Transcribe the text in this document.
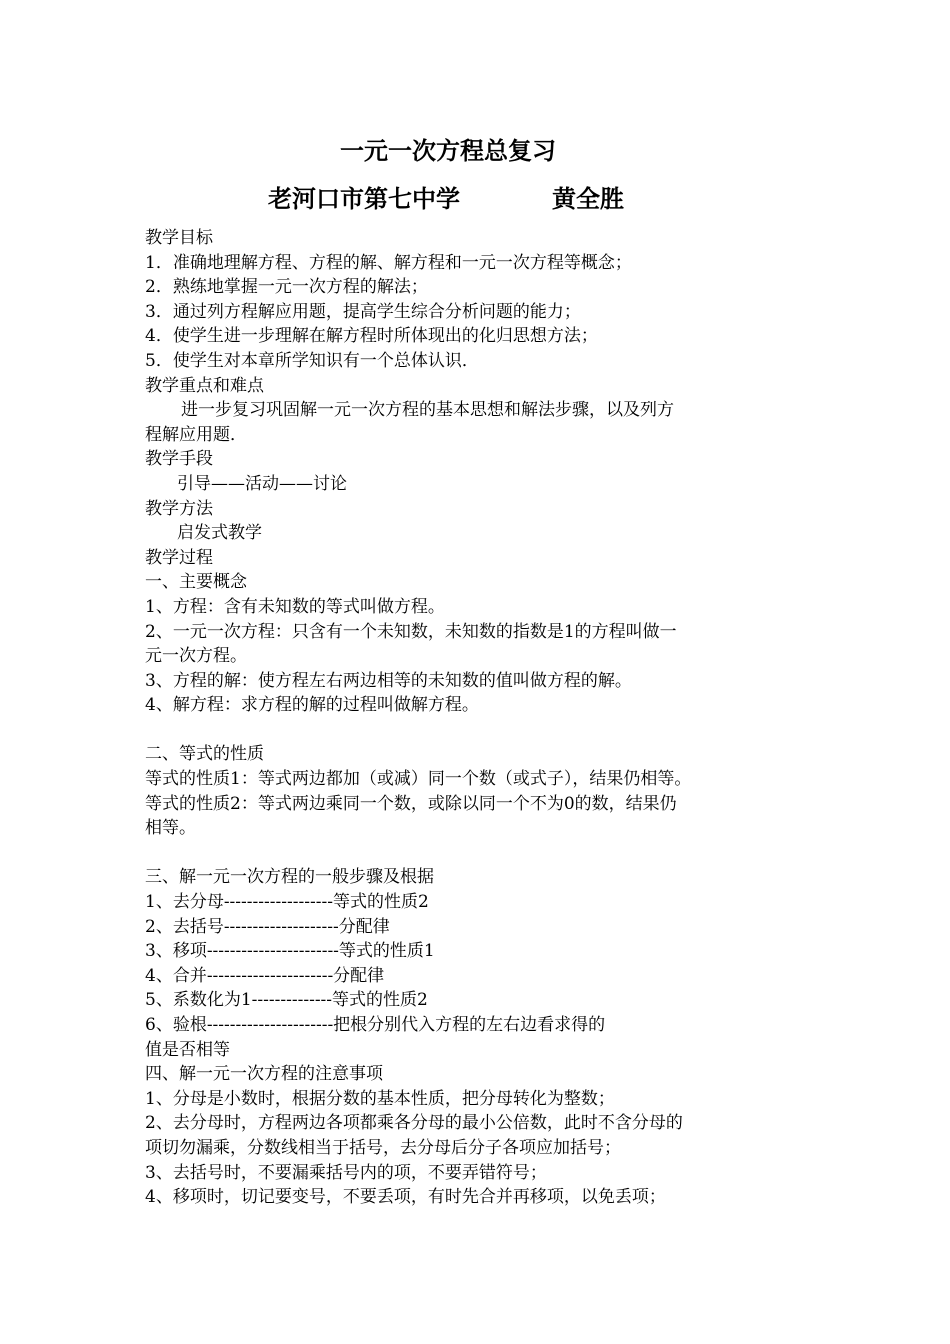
一元一次方程总复习
老河口市第七中学	黄全胜

教学目标

1．准确地理解方程、方程的解、解方程和一元一次方程等概念；

2．熟练地掌握一元一次方程的解法；

3．通过列方程解应用题，提高学生综合分析问题的能力；

4．使学生进一步理解在解方程时所体现出的化归思想方法；

5．使学生对本章所学知识有一个总体认识．

教学重点和难点

进一步复习巩固解一元一次方程的基本思想和解法步骤，以及列方

程解应用题．

教学手段

引导——活动——讨论

教学方法

启发式教学

教学过程

一、主要概念

1、方程：含有未知数的等式叫做方程。

2、一元一次方程：只含有一个未知数，未知数的指数是1的方程叫做一

元一次方程。

3、方程的解：使方程左右两边相等的未知数的值叫做方程的解。

4、解方程：求方程的解的过程叫做解方程。

二、等式的性质

等式的性质1：等式两边都加（或减）同一个数（或式子），结果仍相等。

等式的性质2：等式两边乘同一个数，或除以同一个不为0的数，结果仍

相等。

三、解一元一次方程的一般步骤及根据

1、去分母-------------------等式的性质2

2、去括号--------------------分配律

3、移项-----------------------等式的性质1

4、合并----------------------分配律

5、系数化为1--------------等式的性质2

6、验根----------------------把根分别代入方程的左右边看求得的

值是否相等

四、解一元一次方程的注意事项

1、分母是小数时，根据分数的基本性质，把分母转化为整数；

2、去分母时，方程两边各项都乘各分母的最小公倍数，此时不含分母的

项切勿漏乘，分数线相当于括号，去分母后分子各项应加括号；

3、去括号时，不要漏乘括号内的项，不要弄错符号；

4、移项时，切记要变号，不要丢项，有时先合并再移项，以免丢项；
